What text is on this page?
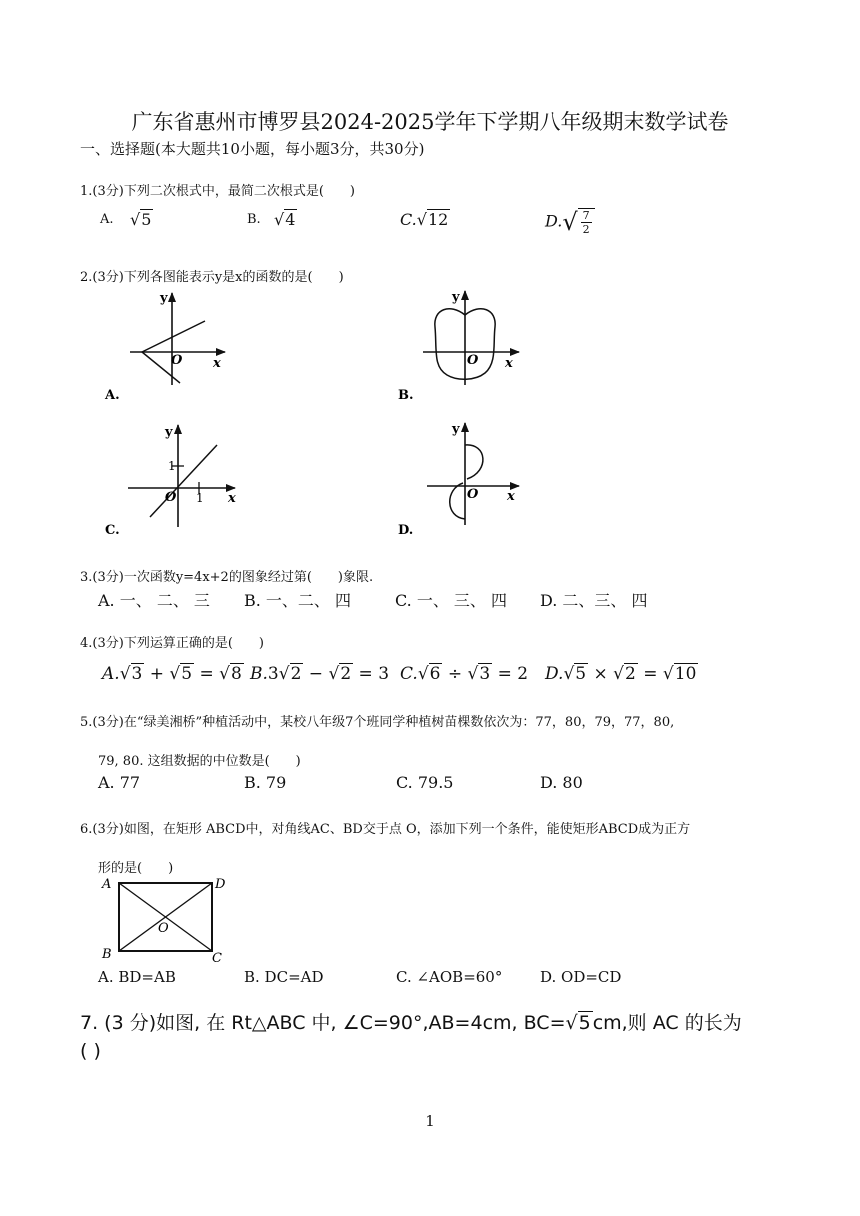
广东省惠州市博罗县2024-2025学年下学期八年级期末数学试卷
一、选择题(本大题共10小题，每小题3分，共30分)
1.(3分)下列二次根式中，最简二次根式是(　　)
A. √5	B. √4	C.√12	$D.√ \frac{7}{2}$
2.(3分)下列各图能表示y是x的函数的是(　　)
y
x
O
A.
y
x
O
B.
y
x
O 1
1
C.
y
x
O
D.
3.(3分)一次函数y=4x+2的图象经过第(　　)象限.
A. 一、 二、 三 B. 一、二、 四	C. 一、 三、 四 D. 二、三、 四
4.(3分)下列运算正确的是(　　)
A.√3 + √5 = √8 B.3√2 − √2 = 3 C.√6 ÷ √3 = 2 D.√5 × √2 = √10
5.(3分)在“绿美湘桥”种植活动中，某校八年级7个班同学种植树苗棵数依次为：77，80，79，77，80,
79, 80. 这组数据的中位数是(　　)
A. 77	B. 79	C. 79.5	D. 80
6.(3分)如图，在矩形 ABCD中，对角线AC、BD交于点 O，添加下列一个条件，能使矩形ABCD成为正方
形的是(　　)
A	D
B	C
O
A. BD=AB	B. DC=AD	C. ∠AOB=60°	D. OD=CD
7. (3 分)如图, 在 Rt△ABC 中, ∠C=90°,AB=4cm, BC=√5 cm,则 AC 的长为
( )
1
